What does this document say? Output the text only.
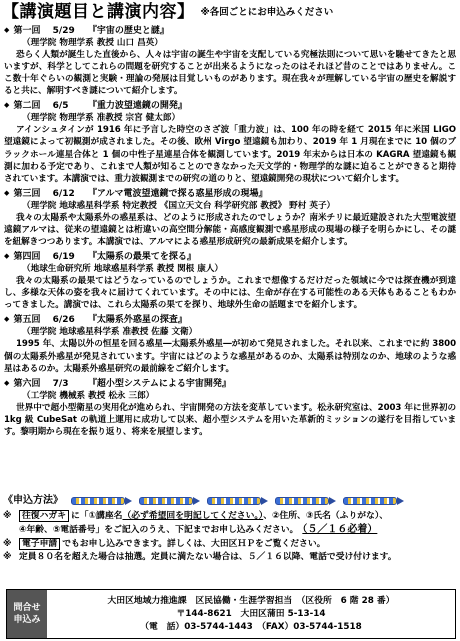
【講演題目と講演内容】 ※各回ごとにお申込みください
◆ 第一回 5/29 『宇宙の歴史と謎』
（理学院 物理学系 教授 山口 昌英）
恐らく人類が誕生した直後から、人々は宇宙の誕生や宇宙を支配している究極法則について思いを馳せてきたと思いますが、科学としてこれらの問題を研究することが出来るようになったのはそれほど昔のことではありません。ここ数十年ぐらいの観測と実験・理論の発展は目覚しいものがあります。現在我々が理解している宇宙の歴史を解説すると共に、解明すべき謎について紹介します。
◆ 第二回 6/5 『重力波望遠鏡の開発』
（理学院 物理学系 准教授 宗宮 健太郎）
アインシュタインが 1916 年に予言した時空のさざ波「重力波」は、100 年の時を経て 2015 年に米国 LIGO 望遠鏡によって初観測が成されました。その後、欧州 Virgo 望遠鏡も加わり、2019 年 1 月現在までに 10 個のブラックホール連星合体と 1 個の中性子星連星合体を観測しています。2019 年末からは日本の KAGRA 望遠鏡も観測に加わる予定であり、これまで人類が知ることのできなかった天文学的・物理学的な謎に迫ることができると期待されています。本講演では、重力波観測までの研究の道のりと、望遠鏡開発の現状について紹介します。
◆ 第三回 6/12 『アルマ電波望遠鏡で探る惑星形成の現場』
（理学院 地球惑星科学系 特定教授 《国立天文台 科学研究部 教授》 野村 英子）
我々の太陽系や太陽系外の惑星系は、どのように形成されたのでしょうか？南米チリに最近建設された大型電波望遠鏡アルマは、従来の望遠鏡とは桁違いの高空間分解能・高感度観測で惑星形成の現場の様子を明らかにし、その謎を紐解きつつあります。本講演では、アルマによる惑星形成研究の最新成果を紹介します。
◆ 第四回 6/19 『太陽系の最果てを探る』
（地球生命研究所 地球惑星科学系 教授 関根 康人）
我々の太陽系の最果てはどうなっているのでしょうか。これまで想像するだけだった領域に今では探査機が到達し、多様な天体の姿を我々に届けてくれています。その中には、生命が存在する可能性のある天体もあることもわかってきました。講演では、これら太陽系の果てを探り、地球外生命の話題までを紹介します。
◆ 第五回 6/26 『太陽系外惑星の探査』
（理学院 地球惑星科学系 准教授 佐藤 文衛）
1995 年、太陽以外の恒星を回る惑星―太陽系外惑星―が初めて発見されました。それ以来、これまでに約 3800 個の太陽系外惑星が発見されています。宇宙にはどのような惑星があるのか、太陽系は特別なのか、地球のような惑星はあるのか。太陽系外惑星研究の最前線をご紹介します。
◆ 第六回 7/3 『超小型システムによる宇宙開発』
（工学院 機械系 教授 松永 三郎）
世界中で超小型衛星の実用化が進められ、宇宙開発の方法を変革しています。松永研究室は、2003 年に世界初の 1kg 級 CubeSat の軌道上運用に成功して以来、超小型システムを用いた革新的ミッションの遂行を目指しています。黎明期から現在を振り返り、将来を展望します。
《申込方法》
※	往復ハガキ に「①講座名（必ず希望回を明記してください。）、②住所、③氏名（ふりがな）、
④年齢、⑤電話番号」をご記入のうえ、下記までお申し込みください。 （５／１６必着）
※	電子申請 でもお申し込みできます。詳しくは、大田区ＨＰをご覧ください。
※ 定員８０名を超えた場合は抽選。定員に満たない場合は、５／１６以降、電話で受け付けます。
問合せ
申込み
大田区地域力推進課　区民協働・生涯学習担当　（区役所　6 階 28 番）
〒144-8621　大田区蒲田 5-13-14
（電　話）03-5744-1443　（FAX）03-5744-1518
